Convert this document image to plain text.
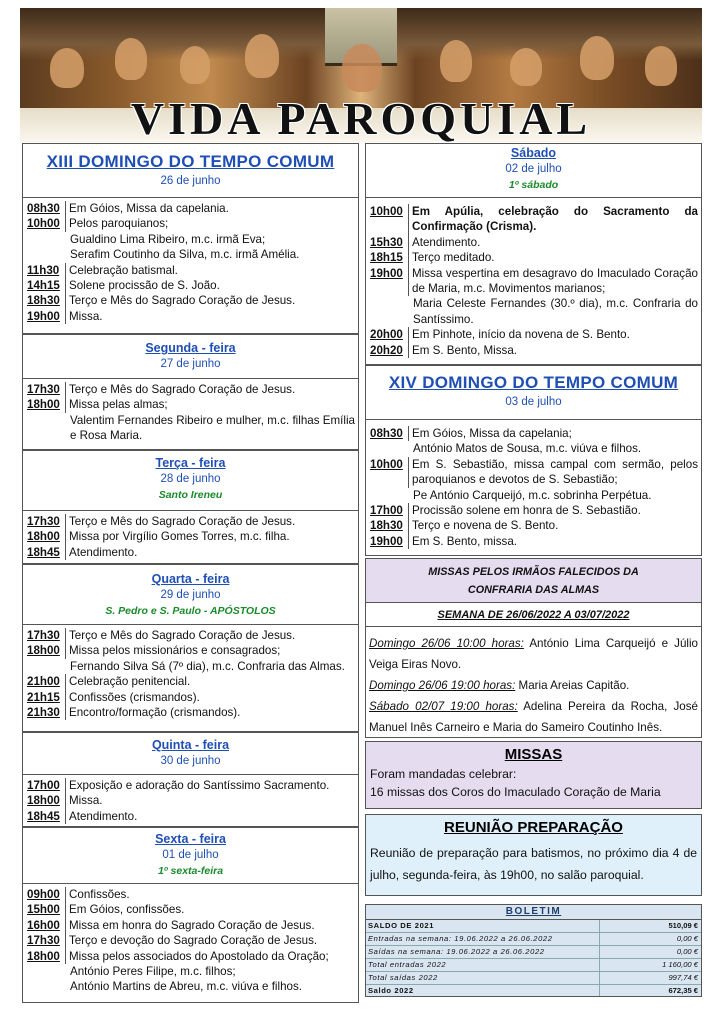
VIDA PAROQUIAL
XIII DOMINGO DO TEMPO COMUM
26 de junho
08h30 Em Góios, Missa da capelania.
10h00 Pelos paroquianos;
Gualdino Lima Ribeiro, m.c. irmã Eva;
Serafim Coutinho da Silva, m.c. irmã Amélia.
11h30 Celebração batismal.
14h15 Solene procissão de S. João.
18h30 Terço e Mês do Sagrado Coração de Jesus.
19h00 Missa.
Segunda - feira
27 de junho
17h30 Terço e Mês do Sagrado Coração de Jesus.
18h00 Missa pelas almas;
Valentim Fernandes Ribeiro e mulher, m.c. filhas Emília e Rosa Maria.
Terça - feira
28 de junho
Santo Ireneu
17h30 Terço e Mês do Sagrado Coração de Jesus.
18h00 Missa por Virgílio Gomes Torres, m.c. filha.
18h45 Atendimento.
Quarta - feira
29 de junho
S. Pedro e S. Paulo - APÓSTOLOS
17h30 Terço e Mês do Sagrado Coração de Jesus.
18h00 Missa pelos missionários e consagrados;
Fernando Silva Sá (7º dia), m.c. Confraria das Almas.
21h00 Celebração penitencial.
21h15 Confissões (crismandos).
21h30 Encontro/formação (crismandos).
Quinta - feira
30 de junho
17h00 Exposição e adoração do Santíssimo Sacramento.
18h00 Missa.
18h45 Atendimento.
Sexta - feira
01 de julho
1º sexta-feira
09h00 Confissões.
15h00 Em Góios, confissões.
16h00 Missa em honra do Sagrado Coração de Jesus.
17h30 Terço e devoção do Sagrado Coração de Jesus.
18h00 Missa pelos associados do Apostolado da Oração;
António Peres Filipe, m.c. filhos;
António Martins de Abreu, m.c. viúva e filhos.
Sábado
02 de julho
1º sábado
10h00 Em Apúlia, celebração do Sacramento da Confirmação (Crisma).
15h30 Atendimento.
18h15 Terço meditado.
19h00 Missa vespertina em desagravo do Imaculado Coração de Maria, m.c. Movimentos marianos;
Maria Celeste Fernandes (30.º dia), m.c. Confraria do Santíssimo.
20h00 Em Pinhote, início da novena de S. Bento.
20h20 Em S. Bento, Missa.
XIV DOMINGO DO TEMPO COMUM
03 de julho
08h30 Em Góios, Missa da capelania;
António Matos de Sousa, m.c. viúva e filhos.
10h00 Em S. Sebastião, missa campal com sermão, pelos paroquianos e devotos de S. Sebastião;
Pe António Carqueijó, m.c. sobrinha Perpétua.
17h00 Procissão solene em honra de S. Sebastião.
18h30 Terço e novena de S. Bento.
19h00 Em S. Bento, missa.
MISSAS PELOS IRMÃOS FALECIDOS DA
CONFRARIA DAS ALMAS
SEMANA DE 26/06/2022 A 03/07/2022
Domingo 26/06 10:00 horas: António Lima Carqueijó e Júlio Veiga Eiras Novo.
Domingo 26/06 19:00 horas: Maria Areias Capitão.
Sábado 02/07 19:00 horas: Adelina Pereira da Rocha, José Manuel Inês Carneiro e Maria do Sameiro Coutinho Inês.
MISSAS
Foram mandadas celebrar:
16 missas dos Coros do Imaculado Coração de Maria
REUNIÃO PREPARAÇÃO
Reunião de preparação para batismos, no próximo dia 4 de julho, segunda-feira, às 19h00, no salão paroquial.
BOLETIM
SALDO DE 2021	510,09 €
Entradas na semana: 19.06.2022 a 26.06.2022	0,00 €
Saídas na semana: 19.06.2022 a 26.06.2022	0,00 €
Total entradas 2022	1 160,00 €
Total saídas 2022	997,74 €
Saldo 2022	672,35 €
